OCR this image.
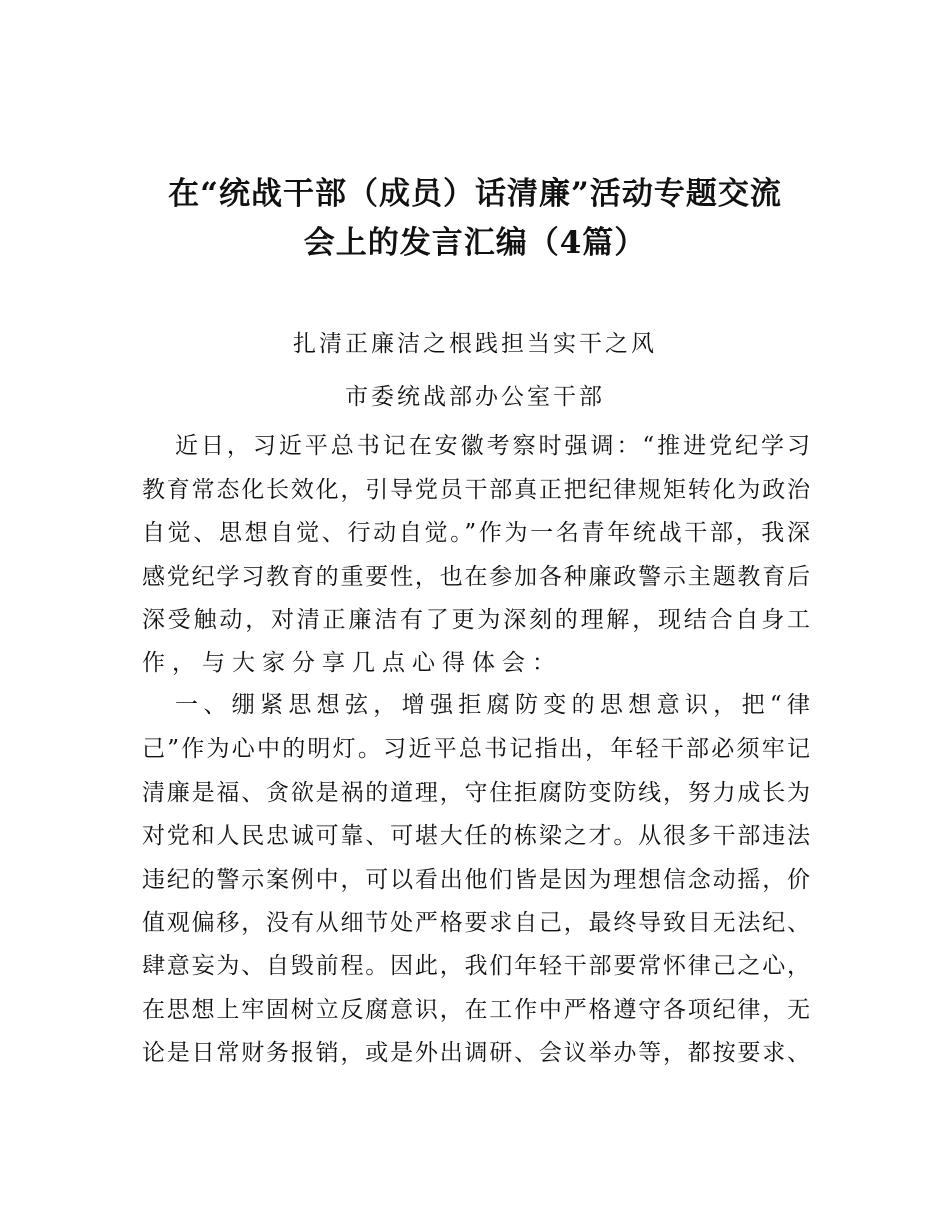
在“统战干部（成员）话清廉”活动专题交流
会上的发言汇编（4篇）
扎清正廉洁之根践担当实干之风
市委统战部办公室干部
近日，习近平总书记在安徽考察时强调：“推进党纪学习
教育常态化长效化，引导党员干部真正把纪律规矩转化为政治
自觉、思想自觉、行动自觉。”作为一名青年统战干部，我深
感党纪学习教育的重要性，也在参加各种廉政警示主题教育后
深受触动，对清正廉洁有了更为深刻的理解，现结合自身工
作，与大家分享几点心得体会：
一、绷紧思想弦，增强拒腐防变的思想意识，把“律
己”作为心中的明灯。习近平总书记指出，年轻干部必须牢记
清廉是福、贪欲是祸的道理，守住拒腐防变防线，努力成长为
对党和人民忠诚可靠、可堪大任的栋梁之才。从很多干部违法
违纪的警示案例中，可以看出他们皆是因为理想信念动摇，价
值观偏移，没有从细节处严格要求自己，最终导致目无法纪、
肆意妄为、自毁前程。因此，我们年轻干部要常怀律己之心，
在思想上牢固树立反腐意识，在工作中严格遵守各项纪律，无
论是日常财务报销，或是外出调研、会议举办等，都按要求、
